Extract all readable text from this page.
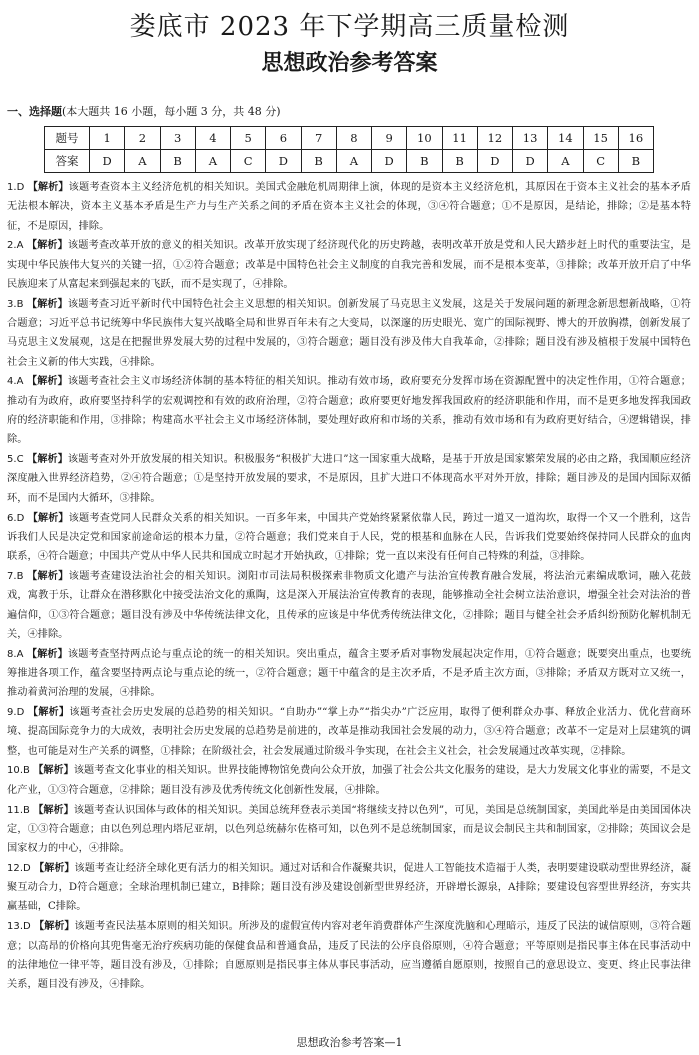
娄底市 2023 年下学期高三质量检测
思想政治参考答案
一、选择题(本大题共 16 小题，每小题 3 分，共 48 分)
题号	1	2	3	4	5	6	7	8	9	10	11	12	13	14	15	16
答案	D	A	B	A	C	D	B	A	D	B	B	D	D	A	C	B
1.D 【解析】该题考查资本主义经济危机的相关知识。美国式金融危机周期律上演，体现的是资本主义经济危机，其原因在于资本主义社会的基本矛盾无法根本解决，资本主义基本矛盾是生产力与生产关系之间的矛盾在资本主义社会的体现，③④符合题意；①不是原因，是结论，排除；②是基本特征，不是原因，排除。
2.A 【解析】该题考查改革开放的意义的相关知识。改革开放实现了经济现代化的历史跨越，表明改革开放是党和人民大踏步赶上时代的重要法宝，是实现中华民族伟大复兴的关键一招，①②符合题意；改革是中国特色社会主义制度的自我完善和发展，而不是根本变革，③排除；改革开放开启了中华民族迎来了从富起来到强起来的飞跃，而不是实现了，④排除。
3.B 【解析】该题考查习近平新时代中国特色社会主义思想的相关知识。创新发展了马克思主义发展，这是关于发展问题的新理念新思想新战略，①符合题意；习近平总书记统筹中华民族伟大复兴战略全局和世界百年未有之大变局，以深邃的历史眼光、宽广的国际视野、博大的开放胸襟，创新发展了马克思主义发展观，这是在把握世界发展大势的过程中发展的，③符合题意；题目没有涉及伟大自我革命，②排除；题目没有涉及植根于发展中国特色社会主义新的伟大实践，④排除。
4.A 【解析】该题考查社会主义市场经济体制的基本特征的相关知识。推动有效市场，政府要充分发挥市场在资源配置中的决定性作用，①符合题意；推动有为政府，政府要坚持科学的宏观调控和有效的政府治理，②符合题意；政府要更好地发挥我国政府的经济职能和作用，而不是更多地发挥我国政府的经济职能和作用，③排除；构建高水平社会主义市场经济体制，要处理好政府和市场的关系，推动有效市场和有为政府更好结合，④逻辑错误，排除。
5.C 【解析】该题考查对外开放发展的相关知识。积极服务“积极扩大进口”这一国家重大战略，是基于开放是国家繁荣发展的必由之路，我国顺应经济深度融入世界经济趋势，②④符合题意；①是坚持开放发展的要求，不是原因，且扩大进口不体现高水平对外开放，排除；题目涉及的是国内国际双循环，而不是国内大循环，③排除。
6.D 【解析】该题考查党同人民群众关系的相关知识。一百多年来，中国共产党始终紧紧依靠人民，跨过一道又一道沟坎，取得一个又一个胜利，这告诉我们人民是决定党和国家前途命运的根本力量，②符合题意；我们党来自于人民，党的根基和血脉在人民，告诉我们党要始终保持同人民群众的血肉联系，④符合题意；中国共产党从中华人民共和国成立时起才开始执政，①排除；党一直以来没有任何自己特殊的利益，③排除。
7.B 【解析】该题考查建设法治社会的相关知识。浏阳市司法局积极探索非物质文化遗产与法治宣传教育融合发展，将法治元素编成歌词，融入花鼓戏，寓教于乐，让群众在潜移默化中接受法治文化的熏陶，这是深入开展法治宣传教育的表现，能够推动全社会树立法治意识，增强全社会对法治的普遍信仰，①③符合题意；题目没有涉及中华传统法律文化，且传承的应该是中华优秀传统法律文化，②排除；题目与健全社会矛盾纠纷预防化解机制无关，④排除。
8.A 【解析】该题考查坚持两点论与重点论的统一的相关知识。突出重点，蕴含主要矛盾对事物发展起决定作用，①符合题意；既要突出重点，也要统筹推进各项工作，蕴含要坚持两点论与重点论的统一，②符合题意；题干中蕴含的是主次矛盾，不是矛盾主次方面，③排除；矛盾双方既对立又统一，推动着黄河治理的发展，④排除。
9.D 【解析】该题考查社会历史发展的总趋势的相关知识。“自助办”“掌上办”“指尖办”广泛应用，取得了便利群众办事、释放企业活力、优化营商环境、提高国际竞争力的大成效，表明社会历史发展的总趋势是前进的，改革是推动我国社会发展的动力，③④符合题意；改革不一定是对上层建筑的调整，也可能是对生产关系的调整，①排除；在阶级社会，社会发展通过阶级斗争实现，在社会主义社会，社会发展通过改革实现，②排除。
10.B 【解析】该题考查文化事业的相关知识。世界技能博物馆免费向公众开放，加强了社会公共文化服务的建设，是大力发展文化事业的需要，不是文化产业，①③符合题意，②排除；题目没有涉及优秀传统文化创新性发展，④排除。
11.B 【解析】该题考查认识国体与政体的相关知识。美国总统拜登表示美国“将继续支持以色列”，可见，美国是总统制国家，美国此举是由美国国体决定，①③符合题意；由以色列总理内塔尼亚胡，以色列总统赫尔佐格可知，以色列不是总统制国家，而是议会制民主共和制国家，②排除；英国议会是国家权力的中心，④排除。
12.D 【解析】该题考查让经济全球化更有活力的相关知识。通过对话和合作凝聚共识，促进人工智能技术造福于人类，表明要建设联动型世界经济，凝聚互动合力，D符合题意；全球治理机制已建立，B排除；题目没有涉及建设创新型世界经济，开辟增长源泉，A排除；要建设包容型世界经济，夯实共赢基础，C排除。
13.D 【解析】该题考查民法基本原则的相关知识。所涉及的虚假宣传内容对老年消费群体产生深度洗脑和心理暗示，违反了民法的诚信原则，③符合题意；以高昂的价格向其兜售毫无治疗疾病功能的保健食品和普通食品，违反了民法的公序良俗原则，④符合题意；平等原则是指民事主体在民事活动中的法律地位一律平等，题目没有涉及，①排除；自愿原则是指民事主体从事民事活动，应当遵循自愿原则，按照自己的意思设立、变更、终止民事法律关系，题目没有涉及，④排除。
思想政治参考答案—1
